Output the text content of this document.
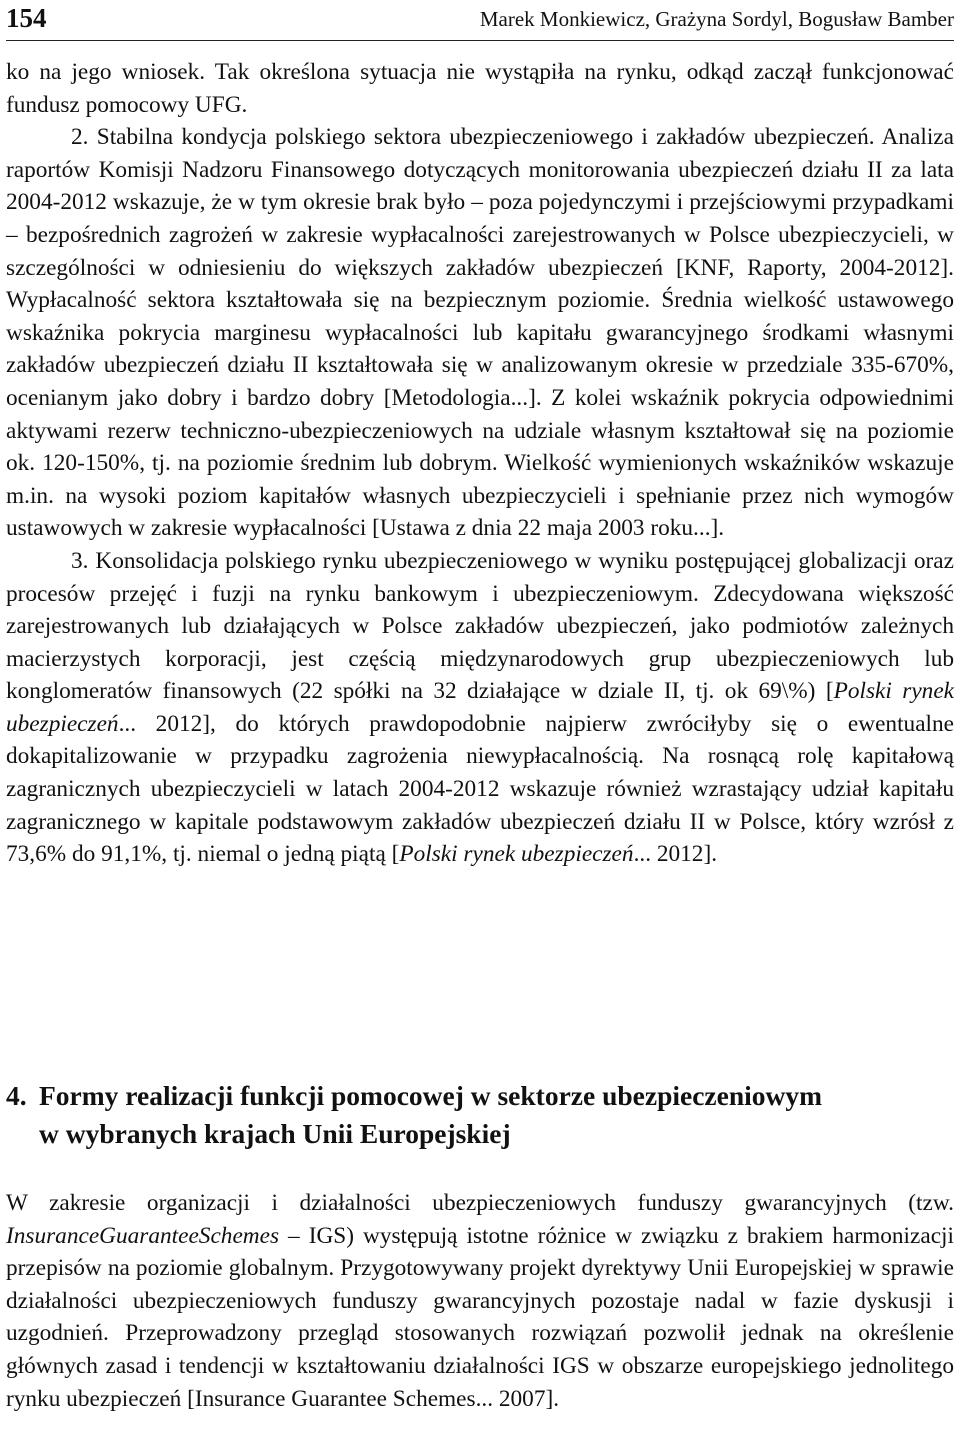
154	Marek Monkiewicz, Grażyna Sordyl, Bogusław Bamber

ko na jego wniosek. Tak określona sytuacja nie wystąpiła na rynku, odkąd zaczął funkcjonować fundusz pomocowy UFG.

2. Stabilna kondycja polskiego sektora ubezpieczeniowego i zakładów ubezpieczeń. Analiza raportów Komisji Nadzoru Finansowego dotyczących monitorowania ubezpieczeń działu II za lata 2004-2012 wskazuje, że w tym okresie brak było – poza pojedynczymi i przejściowymi przypadkami – bezpośrednich zagrożeń w zakresie wypłacalności zarejestrowanych w Polsce ubezpieczycieli, w szczególności w odniesieniu do większych zakładów ubezpieczeń [KNF, Raporty, 2004-2012]. Wypłacalność sektora kształtowała się na bezpiecznym poziomie. Średnia wielkość ustawowego wskaźnika pokrycia marginesu wypłacalności lub kapitału gwarancyjnego środkami własnymi zakładów ubezpieczeń działu II kształtowała się w analizowanym okresie w przedziale 335-670%, ocenianym jako dobry i bardzo dobry [Metodologia...]. Z kolei wskaźnik pokrycia odpowiednimi aktywami rezerw techniczno-ubezpieczeniowych na udziale własnym kształtował się na poziomie ok. 120-150%, tj. na poziomie średnim lub dobrym. Wielkość wymienionych wskaźników wskazuje m.in. na wysoki poziom kapitałów własnych ubezpieczycieli i spełnianie przez nich wymogów ustawowych w zakresie wypłacalności [Ustawa z dnia 22 maja 2003 roku...].

3. Konsolidacja polskiego rynku ubezpieczeniowego w wyniku postępującej globalizacji oraz procesów przejęć i fuzji na rynku bankowym i ubezpieczeniowym. Zdecydowana większość zarejestrowanych lub działających w Polsce zakładów ubezpieczeń, jako podmiotów zależnych macierzystych korporacji, jest częścią międzynarodowych grup ubezpieczeniowych lub konglomeratów finansowych (22 spółki na 32 działające w dziale II, tj. ok 69\%) [Polski rynek ubezpieczeń... 2012], do których prawdopodobnie najpierw zwróciłyby się o ewentualne dokapitalizowanie w przypadku zagrożenia niewypłacalnością. Na rosnącą rolę kapitałową zagranicznych ubezpieczycieli w latach 2004-2012 wskazuje również wzrastający udział kapitału zagranicznego w kapitale podstawowym zakładów ubezpieczeń działu II w Polsce, który wzrósł z 73,6% do 91,1%, tj. niemal o jedną piątą [Polski rynek ubezpieczeń... 2012].

4. Formy realizacji funkcji pomocowej w sektorze ubezpieczeniowym
w wybranych krajach Unii Europejskiej

W zakresie organizacji i działalności ubezpieczeniowych funduszy gwarancyjnych (tzw. InsuranceGuaranteeSchemes – IGS) występują istotne różnice w związku z brakiem harmonizacji przepisów na poziomie globalnym. Przygotowywany projekt dyrektywy Unii Europejskiej w sprawie działalności ubezpieczeniowych funduszy gwarancyjnych pozostaje nadal w fazie dyskusji i uzgodnień. Przeprowadzony przegląd stosowanych rozwiązań pozwolił jednak na określenie głównych zasad i tendencji w kształtowaniu działalności IGS w obszarze europejskiego jednolitego rynku ubezpieczeń [Insurance Guarantee Schemes... 2007].
